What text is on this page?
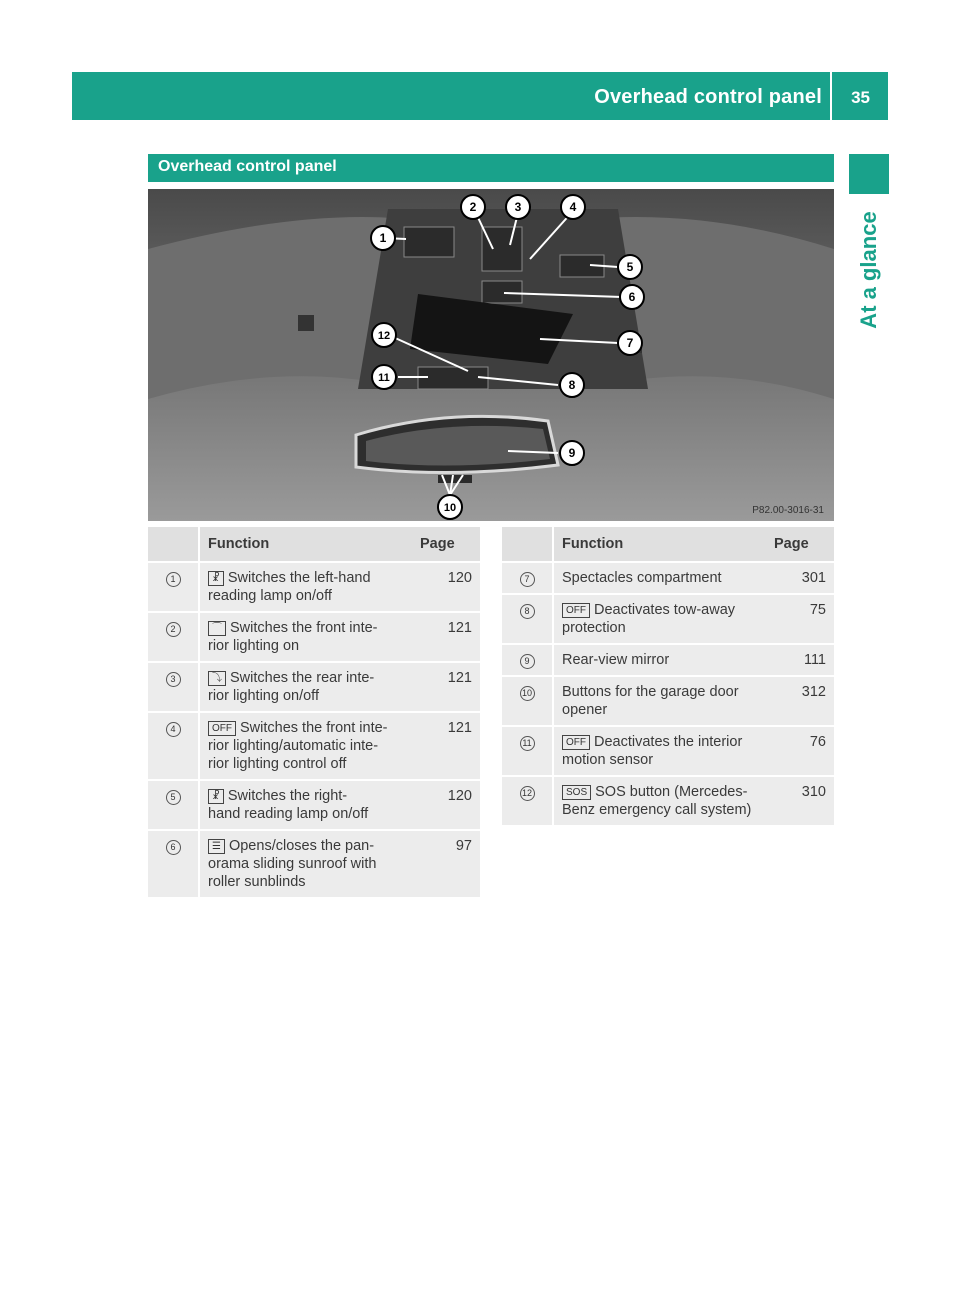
Overhead control panel 35
At a glance
Overhead control panel
P82.00-3016-31
1
2	3	4
5
6
7
8
9
10
11
12
	Function	Page
1	☧ Switches the left-hand
reading lamp on/off	120
2	⌒ Switches the front inte-
rior lighting on	121
3	⤵ Switches the rear inte-
rior lighting on/off	121
4	OFF Switches the front inte-
rior lighting/automatic inte-
rior lighting control off	121
5	☧ Switches the right-
hand reading lamp on/off	120
6	☰ Opens/closes the pan-
orama sliding sunroof with
roller sunblinds	97
	Function	Page
7	Spectacles compartment	301
8	OFF Deactivates tow-away
protection	75
9	Rear-view mirror	111
10	Buttons for the garage door
opener	312
11	OFF Deactivates the interior
motion sensor	76
12	SOS SOS button (Mercedes-
Benz emergency call system)	310
